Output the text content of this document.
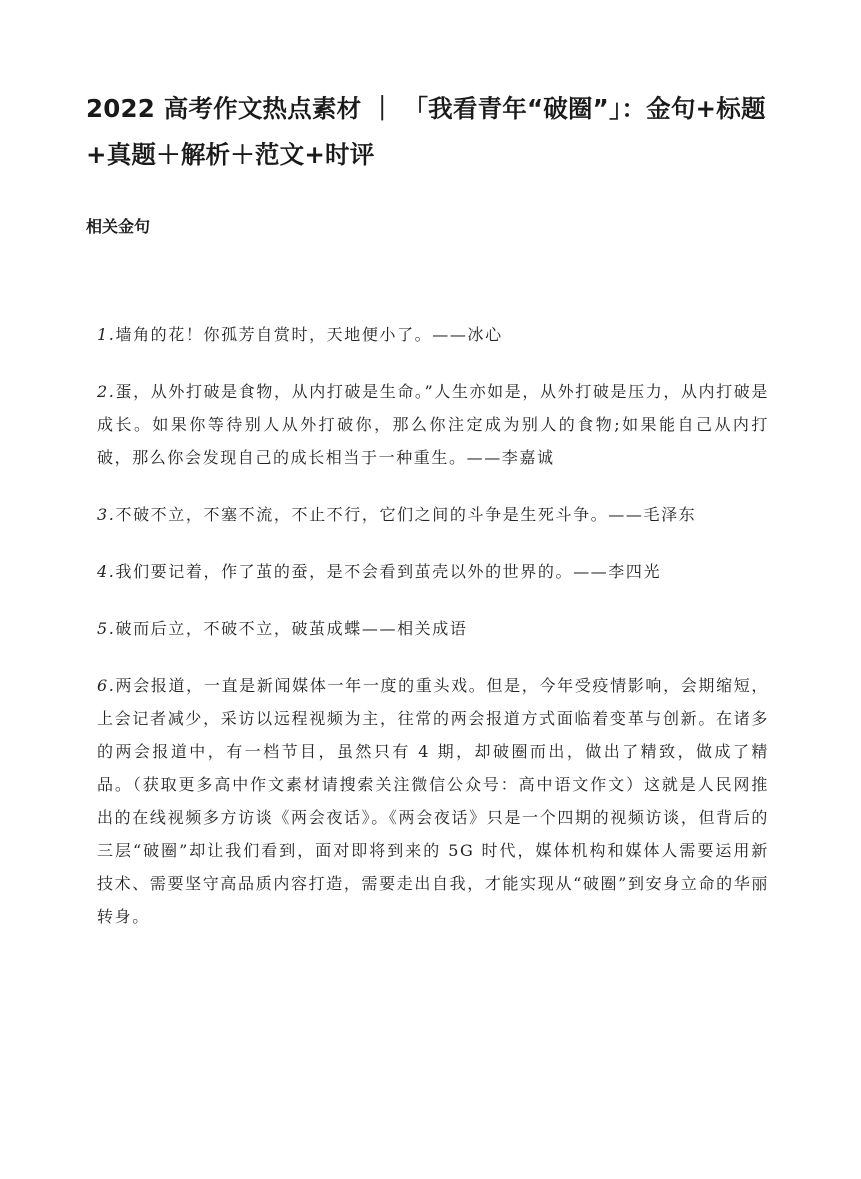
2022 高考作文热点素材 ｜ 「我看青年“破圈”」：金句+标题+真题＋解析＋范文+时评
相关金句
1.墙角的花！你孤芳自赏时，天地便小了。——冰心
2.蛋，从外打破是食物，从内打破是生命。”人生亦如是，从外打破是压力，从内打破是成长。如果你等待别人从外打破你，那么你注定成为别人的食物;如果能自己从内打破，那么你会发现自己的成长相当于一种重生。——李嘉诚
3.不破不立，不塞不流，不止不行，它们之间的斗争是生死斗争。——毛泽东
4.我们要记着，作了茧的蚕，是不会看到茧壳以外的世界的。——李四光
5.破而后立，不破不立，破茧成蝶——相关成语
6.两会报道，一直是新闻媒体一年一度的重头戏。但是，今年受疫情影响，会期缩短，上会记者减少，采访以远程视频为主，往常的两会报道方式面临着变革与创新。在诸多的两会报道中，有一档节目，虽然只有 4 期，却破圈而出，做出了精致，做成了精品。（获取更多高中作文素材请搜索关注微信公众号：高中语文作文）这就是人民网推出的在线视频多方访谈《两会夜话》。《两会夜话》只是一个四期的视频访谈，但背后的三层“破圈”却让我们看到，面对即将到来的 5G 时代，媒体机构和媒体人需要运用新技术、需要坚守高品质内容打造，需要走出自我，才能实现从“破圈”到安身立命的华丽转身。
